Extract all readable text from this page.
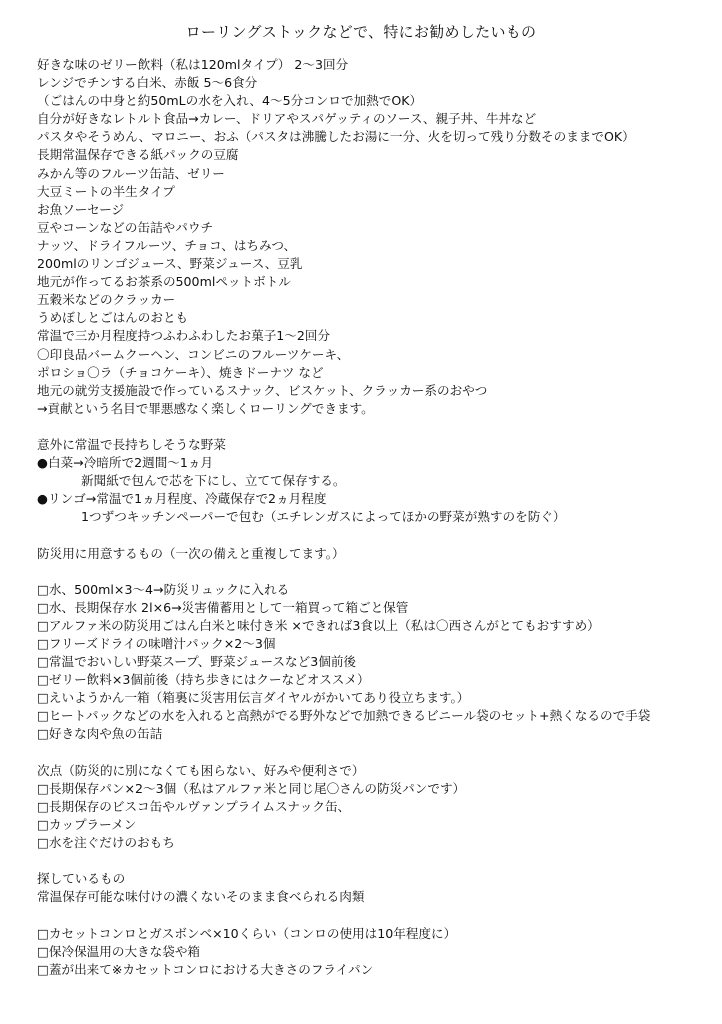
ローリングストックなどで、特にお勧めしたいもの
好きな味のゼリー飲料（私は120mlタイプ） 2～3回分
レンジでチンする白米、赤飯 5～6食分
（ごはんの中身と約50mLの水を入れ、4～5分コンロで加熱でOK）
自分が好きなレトルト食品→カレー、ドリアやスパゲッティのソース、親子丼、牛丼など
パスタやそうめん、マロニー、おふ（パスタは沸騰したお湯に一分、火を切って残り分数そのままでOK）
長期常温保存できる紙パックの豆腐
みかん等のフルーツ缶詰、ゼリー
大豆ミートの半生タイプ
お魚ソーセージ
豆やコーンなどの缶詰やパウチ
ナッツ、ドライフルーツ、チョコ、はちみつ、
200mlのリンゴジュース、野菜ジュース、豆乳
地元が作ってるお茶系の500mlペットボトル
五穀米などのクラッカー
うめぼしとごはんのおとも
常温で三か月程度持つふわふわしたお菓子1～2回分
〇印良品バームクーヘン、コンビニのフルーツケーキ、
ポロショ〇ラ（チョコケーキ）、焼きドーナツ など
地元の就労支援施設で作っているスナック、ビスケット、クラッカー系のおやつ
→貢献という名目で罪悪感なく楽しくローリングできます。
意外に常温で長持ちしそうな野菜
●白菜→冷暗所で2週間～1ヵ月
新聞紙で包んで芯を下にし、立てて保存する。
●リンゴ→常温で1ヵ月程度、冷蔵保存で2ヵ月程度
1つずつキッチンペーパーで包む（エチレンガスによってほかの野菜が熟すのを防ぐ）
防災用に用意するもの（一次の備えと重複してます。）
□水、500ml×3～4→防災リュックに入れる
□水、長期保存水 2l×6→災害備蓄用として一箱買って箱ごと保管
□アルファ米の防災用ごはん白米と味付き米 ×できれば3食以上（私は〇西さんがとてもおすすめ）
□フリーズドライの味噌汁パック×2～3個
□常温でおいしい野菜スープ、野菜ジュースなど3個前後
□ゼリー飲料×3個前後（持ち歩きにはクーなどオススメ）
□えいようかん一箱（箱裏に災害用伝言ダイヤルがかいてあり役立ちます。）
□ヒートパックなどの水を入れると高熱がでる野外などで加熱できるビニール袋のセット+熱くなるので手袋
□好きな肉や魚の缶詰
次点（防災的に別になくても困らない、好みや便利さで）
□長期保存パン×2～3個（私はアルファ米と同じ尾〇さんの防災パンです）
□長期保存のビスコ缶やルヴァンプライムスナック缶、
□カップラーメン
□水を注ぐだけのおもち
探しているもの
常温保存可能な味付けの濃くないそのまま食べられる肉類
□カセットコンロとガスボンベ×10くらい（コンロの使用は10年程度に）
□保冷保温用の大きな袋や箱
□蓋が出来て※カセットコンロにおける大きさのフライパン
